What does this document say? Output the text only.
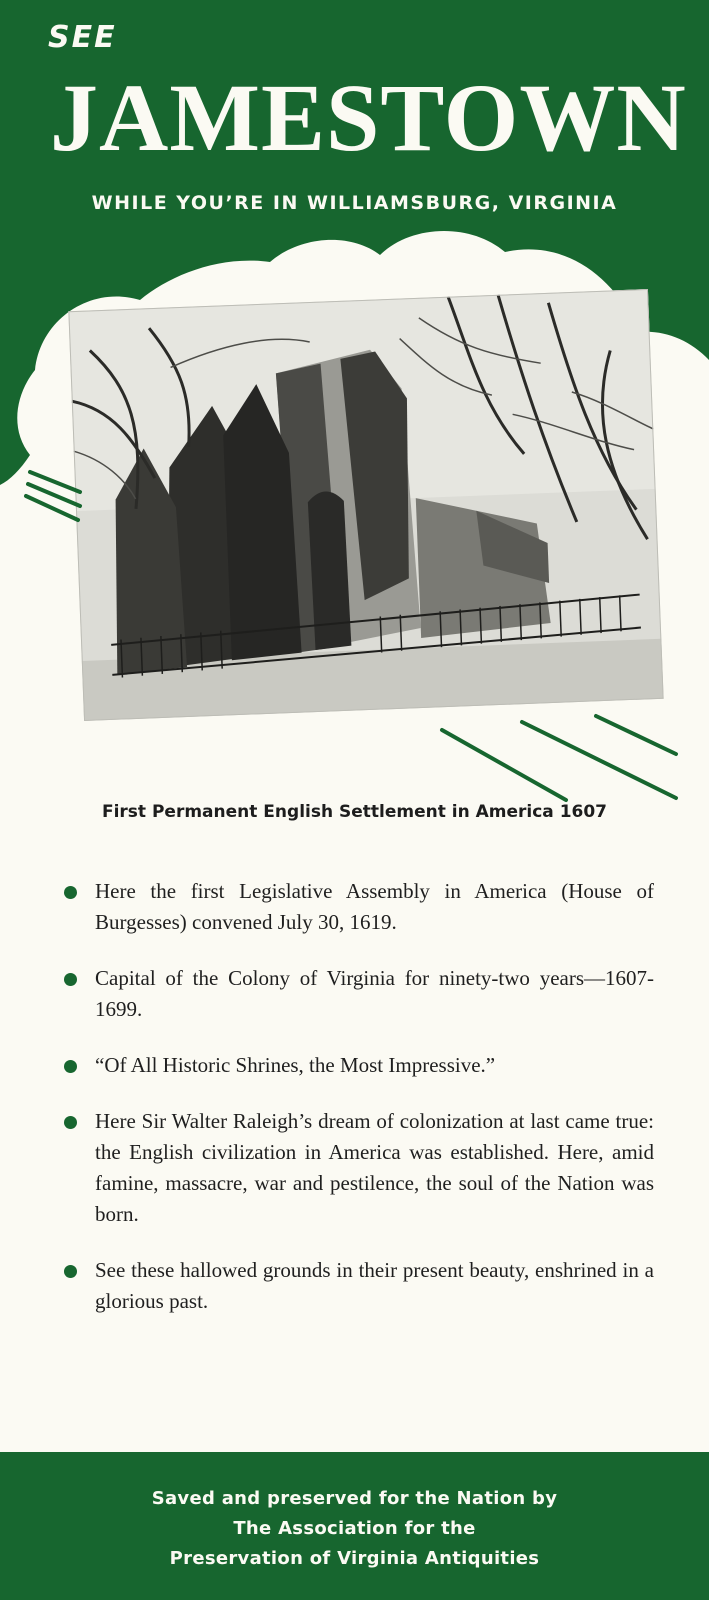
SEE
JAMESTOWN
WHILE YOU’RE IN WILLIAMSBURG, VIRGINIA
First Permanent English Settlement in America 1607
Here the first Legislative Assembly in America (House of Burgesses) convened July 30, 1619.
Capital of the Colony of Virginia for ninety-two years—1607-1699.
“Of All Historic Shrines, the Most Impressive.”
Here Sir Walter Raleigh’s dream of colonization at last came true: the English civilization in America was established. Here, amid famine, massacre, war and pestilence, the soul of the Nation was born.
See these hallowed grounds in their present beauty, enshrined in a glorious past.
Saved and preserved for the Nation by
The Association for the
Preservation of Virginia Antiquities
